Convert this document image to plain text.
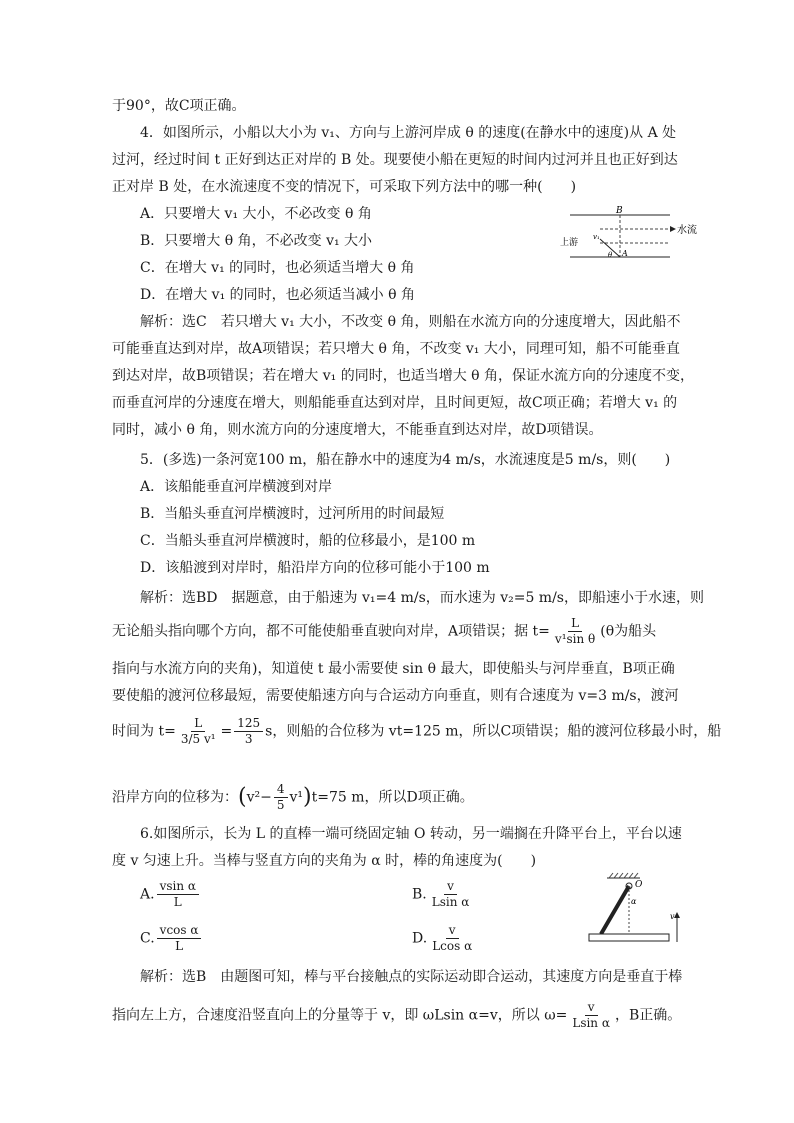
于90°，故C项正确。
4．如图所示，小船以大小为 v₁、方向与上游河岸成 θ 的速度(在静水中的速度)从 A 处
过河，经过时间 t 正好到达正对岸的 B 处。现要使小船在更短的时间内过河并且也正好到达
正对岸 B 处，在水流速度不变的情况下，可采取下列方法中的哪一种(　　)
A．只要增大 v₁ 大小，不必改变 θ 角
B．只要增大 θ 角，不必改变 v₁ 大小
C．在增大 v₁ 的同时，也必须适当增大 θ 角
D．在增大 v₁ 的同时，也必须适当减小 θ 角
B
A
水流
上游
v₁
θ
解析：选C　若只增大 v₁ 大小，不改变 θ 角，则船在水流方向的分速度增大，因此船不
可能垂直达到对岸，故A项错误；若只增大 θ 角，不改变 v₁ 大小，同理可知，船不可能垂直
到达对岸，故B项错误；若在增大 v₁ 的同时，也适当增大 θ 角，保证水流方向的分速度不变，
而垂直河岸的分速度在增大，则船能垂直达到对岸，且时间更短，故C项正确；若增大 v₁ 的
同时，减小 θ 角，则水流方向的分速度增大，不能垂直到达对岸，故D项错误。
5．(多选)一条河宽100 m，船在静水中的速度为4 m/s，水流速度是5 m/s，则(　　)
A．该船能垂直河岸横渡到对岸
B．当船头垂直河岸横渡时，过河所用的时间最短
C．当船头垂直河岸横渡时，船的位移最小，是100 m
D．该船渡到对岸时，船沿岸方向的位移可能小于100 m
解析：选BD　据题意，由于船速为 v₁=4 m/s，而水速为 v₂=5 m/s，即船速小于水速，则
无论船头指向哪个方向，都不可能使船垂直驶向对岸，A项错误；据 $t= \frac{L}{\text{v¹sin θ}} (\theta$为船头
指向与水流方向的夹角)，知道使 t 最小需要使 sin θ 最大，即使船头与河岸垂直，B项正确
要使船的渡河位移最短，需要使船速方向与合运动方向垂直，则有合速度为 v=3 m/s，渡河
时间为 $t= \frac{L}{\text{3/5 v¹}} = \frac{125}{3}$ s，则船的合位移为 vt=125 m，所以C项错误；船的渡河位移最小时，船
沿岸方向的位移为：$(v^2- \frac{4}{5} v^1)t=75$ m，所以D项正确。
6.如图所示，长为 L 的直棒一端可绕固定轴 O 转动，另一端搁在升降平台上，平台以速
度 v 匀速上升。当棒与竖直方向的夹角为 α 时，棒的角速度为(　　)
A. $\frac{\text{vsin α}}{L}$	B. $\frac{v}{\text{Lsin α}}$
C. $\frac{\text{vcos α}}{L}$	D. $\frac{v}{\text{Lcos α}}$
O
α
v
解析：选B　由题图可知，棒与平台接触点的实际运动即合运动，其速度方向是垂直于棒
指向左上方，合速度沿竖直向上的分量等于 v，即 ωLsin α=v，所以 $\omega= \frac{v}{\text{Lsin α}}$ ，B正确。
